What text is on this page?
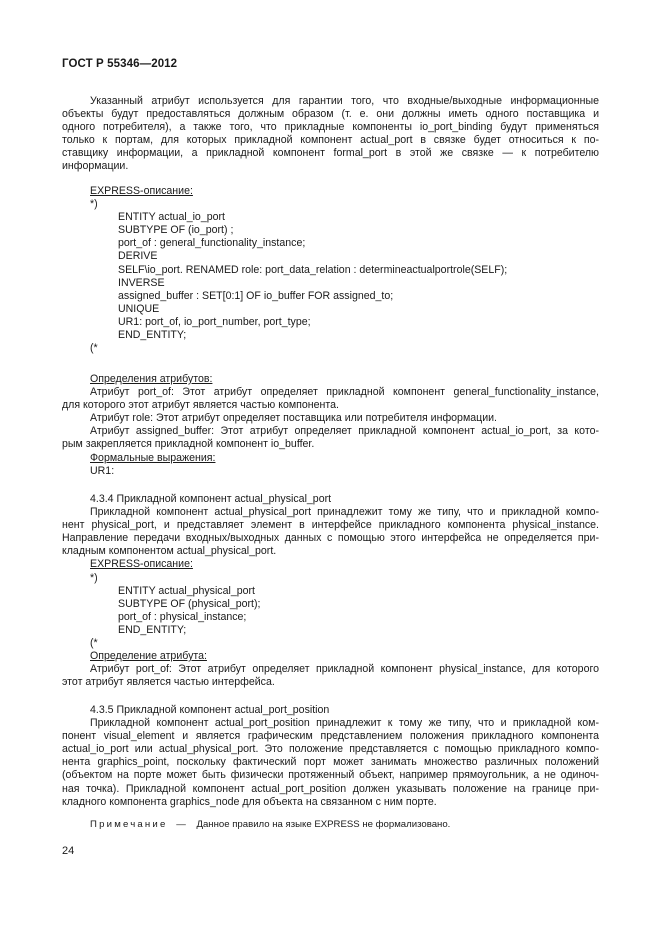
ГОСТ Р 55346—2012
Указанный атрибут используется для гарантии того, что входные/выходные информационные
объекты будут предоставляться должным образом (т. е. они должны иметь одного поставщика и
одного потребителя), а также того, что прикладные компоненты io_port_binding будут применяться
только к портам, для которых прикладной компонент actual_port в связке будет относиться к по-
ставщику информации, а прикладной компонент formal_port в этой же связке — к потребителю
информации.
EXPRESS-описание:
*)
ENTITY actual_io_port
SUBTYPE OF (io_port) ;
port_of : general_functionality_instance;
DERIVE
SELF\io_port. RENAMED role: port_data_relation : determineactualportrole(SELF);
INVERSE
assigned_buffer : SET[0:1] OF io_buffer FOR assigned_to;
UNIQUE
UR1: port_of, io_port_number, port_type;
END_ENTITY;
(*
Определения атрибутов:
Атрибут port_of: Этот атрибут определяет прикладной компонент general_functionality_instance,
для которого этот атрибут является частью компонента.
Атрибут role: Этот атрибут определяет поставщика или потребителя информации.
Атрибут assigned_buffer: Этот атрибут определяет прикладной компонент actual_io_port, за кото-
рым закрепляется прикладной компонент io_buffer.
Формальные выражения:
UR1:
4.3.4 Прикладной компонент actual_physical_port
Прикладной компонент actual_physical_port принадлежит тому же типу, что и прикладной компо-
нент physical_port, и представляет элемент в интерфейсе прикладного компонента physical_instance.
Направление передачи входных/выходных данных с помощью этого интерфейса не определяется при-
кладным компонентом actual_physical_port.
EXPRESS-описание:
*)
ENTITY actual_physical_port
SUBTYPE OF (physical_port);
port_of : physical_instance;
END_ENTITY;
(*
Определение атрибута:
Атрибут port_of: Этот атрибут определяет прикладной компонент physical_instance, для которого
этот атрибут является частью интерфейса.
4.3.5 Прикладной компонент actual_port_position
Прикладной компонент actual_port_position принадлежит к тому же типу, что и прикладной ком-
понент visual_element и является графическим представлением положения прикладного компонента
actual_io_port или actual_physical_port. Это положение представляется с помощью прикладного компо-
нента graphics_point, поскольку фактический порт может занимать множество различных положений
(объектом на порте может быть физически протяженный объект, например прямоугольник, а не одиноч-
ная точка). Прикладной компонент actual_port_position должен указывать положение на границе при-
кладного компонента graphics_node для объекта на связанном с ним порте.
Примечание — Данное правило на языке EXPRESS не формализовано.
24
